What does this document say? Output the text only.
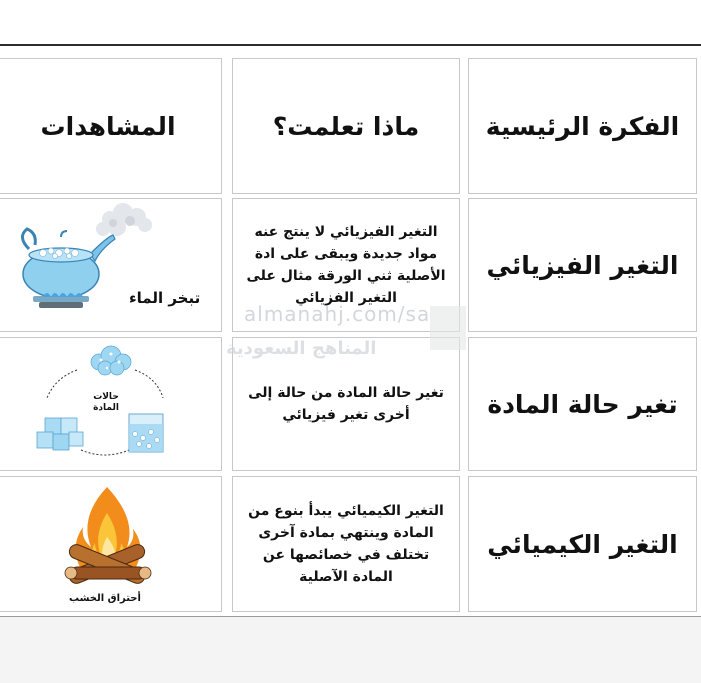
الفكرة الرئيسية
ماذا تعلمت؟
المشاهدات
التغير الفيزيائي
التغير الفيزيائي لا ينتج عنه مواد جديدة ويبقى على ادة الأصلية ثني الورقة مثال على التغير الفزيائي
تبخر الماء
تغير حالة المادة
تغير حالة المادة من حالة إلى أخرى تغير فيزيائي
حالات المادة
التغير الكيميائي
التغير الكيميائي يبدأ بنوع من المادة وينتهي بمادة آخرى تختلف في خصائصها عن المادة الآصلية
أحتراق الخشب
almanahj.com/sa
المناهج السعودية
